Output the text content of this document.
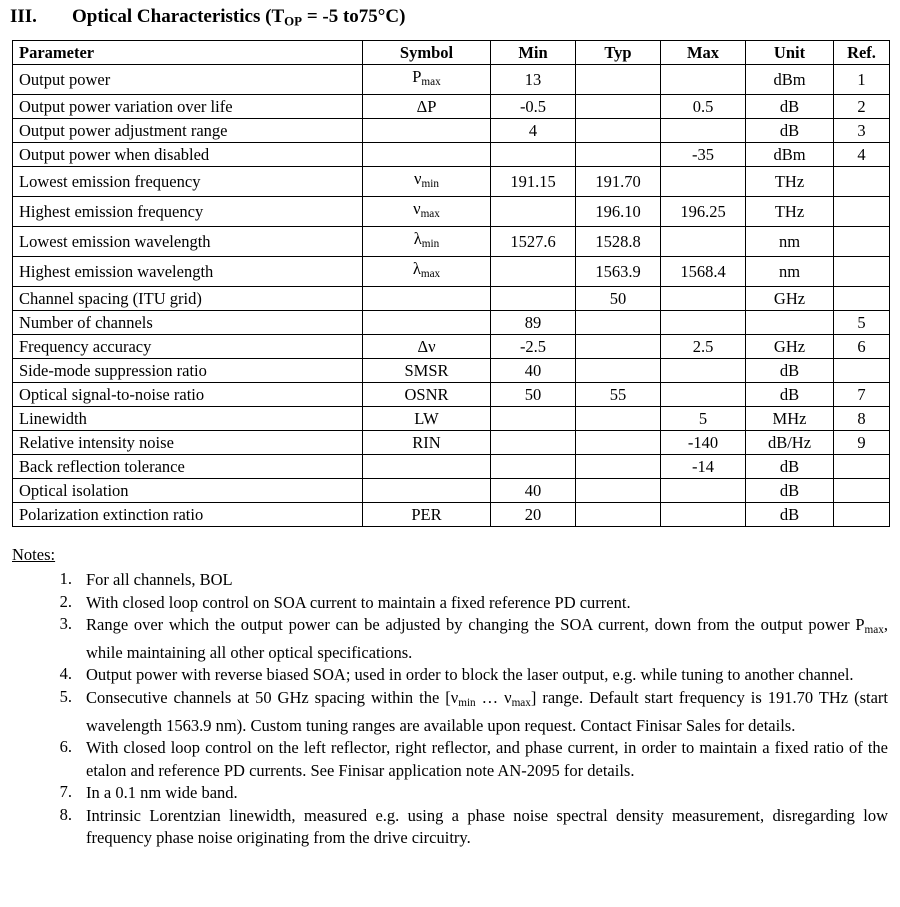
III.	Optical Characteristics ($T_{OP} = -5$ to75°C)
Parameter	Symbol	Min	Typ	Max	Unit	Ref.
Output power	$P_{max}$	13			dBm	1
Output power variation over life	ΔP	-0.5		0.5	dB	2
Output power adjustment range		4			dB	3
Output power when disabled				-35	dBm	4
Lowest emission frequency	$\nu_{min}$	191.15	191.70		THz	
Highest emission frequency	$\nu_{max}$		196.10	196.25	THz	
Lowest emission wavelength	$\lambda_{min}$	1527.6	1528.8		nm	
Highest emission wavelength	$\lambda_{max}$		1563.9	1568.4	nm	
Channel spacing (ITU grid)			50		GHz	
Number of channels		89				5
Frequency accuracy	Δν	-2.5		2.5	GHz	6
Side-mode suppression ratio	SMSR	40			dB	
Optical signal-to-noise ratio	OSNR	50	55		dB	7
Linewidth	LW			5	MHz	8
Relative intensity noise	RIN			-140	dB/Hz	9
Back reflection tolerance				-14	dB	
Optical isolation		40			dB	
Polarization extinction ratio	PER	20			dB	
Notes:
1. For all channels, BOL
2. With closed loop control on SOA current to maintain a fixed reference PD current.
3. Range over which the output power can be adjusted by changing the SOA current, down from the output power $P_{max}$, while maintaining all other optical specifications.
4. Output power with reverse biased SOA; used in order to block the laser output, e.g. while tuning to another channel.
5. Consecutive channels at 50 GHz spacing within the [$\nu_{min}$ … $\nu_{max}$] range. Default start frequency is 191.70 THz (start wavelength 1563.9 nm). Custom tuning ranges are available upon request. Contact Finisar Sales for details.
6. With closed loop control on the left reflector, right reflector, and phase current, in order to maintain a fixed ratio of the etalon and reference PD currents. See Finisar application note AN-2095 for details.
7. In a 0.1 nm wide band.
8. Intrinsic Lorentzian linewidth, measured e.g. using a phase noise spectral density measurement, disregarding low frequency phase noise originating from the drive circuitry.
